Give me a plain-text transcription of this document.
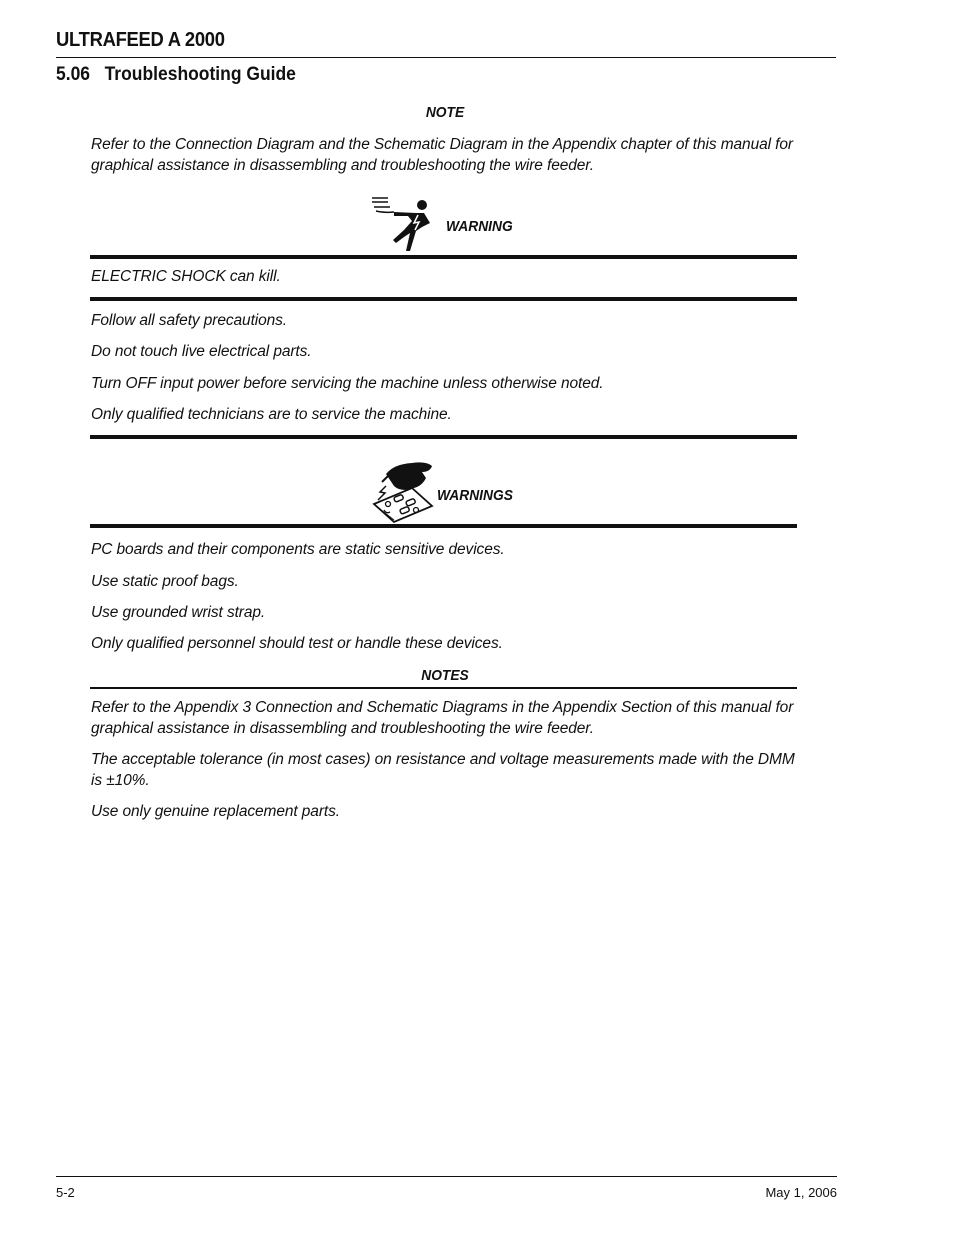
ULTRAFEED A 2000
5.06   Troubleshooting Guide
NOTE
Refer to the Connection Diagram and the Schematic Diagram in the Appendix chapter of this manual for graphical assistance in disassembling and troubleshooting the wire feeder.
WARNING
ELECTRIC SHOCK can kill.
Follow all safety precautions.
Do not touch live electrical parts.
Turn OFF input power before servicing the machine unless otherwise noted.
Only qualified technicians are to service the machine.
WARNINGS
PC boards and their components are static sensitive devices.
Use static proof bags.
Use grounded wrist strap.
Only qualified personnel should test or handle these devices.
NOTES
Refer to the Appendix 3 Connection and Schematic Diagrams in the Appendix Section of this manual for graphical assistance in disassembling and troubleshooting the wire feeder.
The acceptable tolerance (in most cases) on resistance and voltage measurements made with the DMM is ±10%.
Use only genuine replacement parts.
5-2	May 1, 2006
